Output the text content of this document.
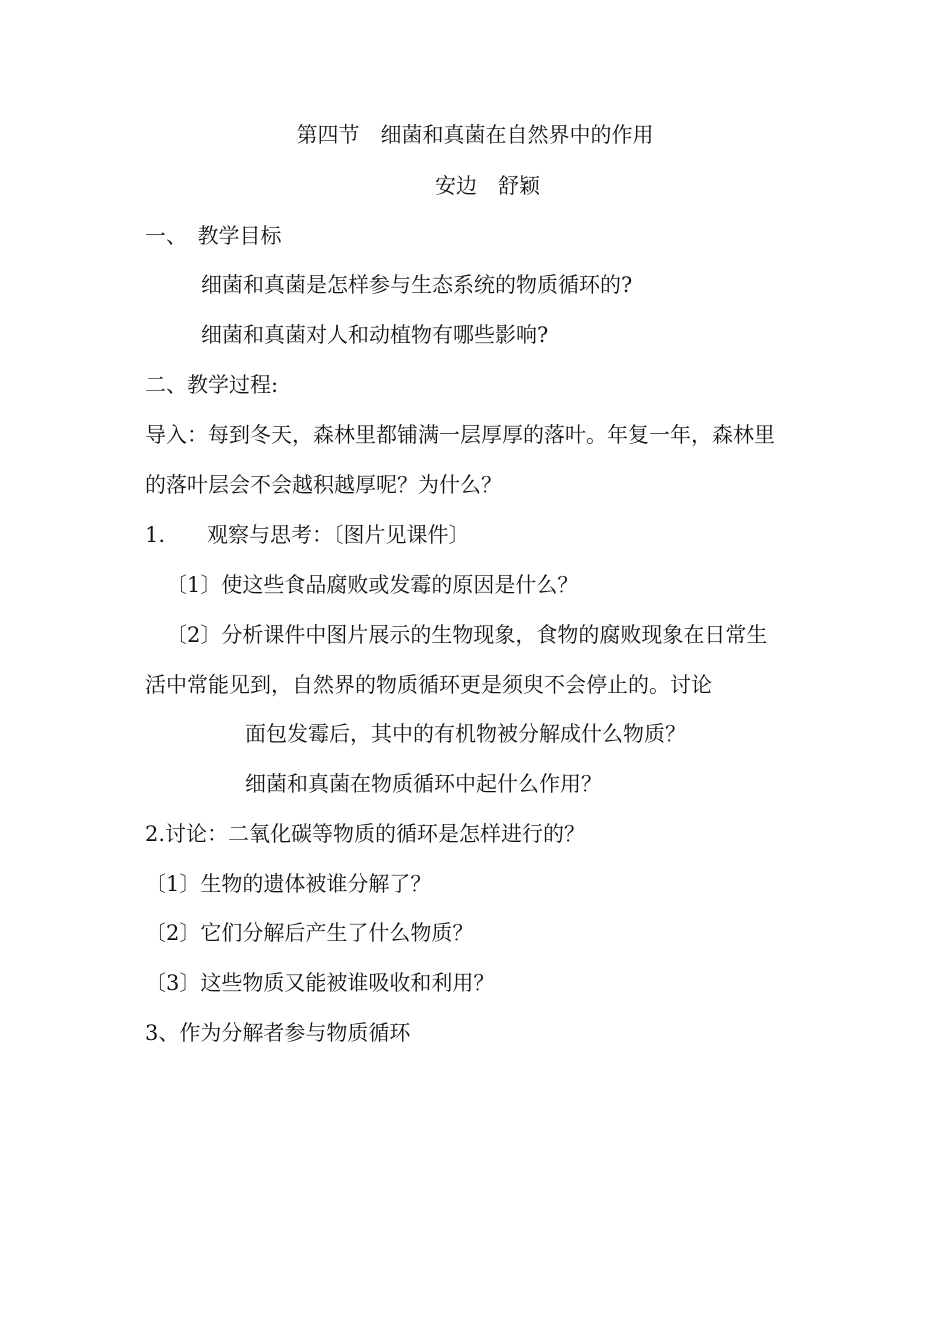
第四节　细菌和真菌在自然界中的作用
安边　舒颖
一、　教学目标
细菌和真菌是怎样参与生态系统的物质循环的?
细菌和真菌对人和动植物有哪些影响?
二、教学过程:
导入：每到冬天，森林里都铺满一层厚厚的落叶。年复一年，森林里
的落叶层会不会越积越厚呢？为什么？
1.　　观察与思考：〔图片见课件〕
〔1〕使这些食品腐败或发霉的原因是什么？
〔2〕分析课件中图片展示的生物现象，食物的腐败现象在日常生
活中常能见到，自然界的物质循环更是须臾不会停止的。讨论
面包发霉后，其中的有机物被分解成什么物质？
细菌和真菌在物质循环中起什么作用？
2.讨论：二氧化碳等物质的循环是怎样进行的？
〔1〕生物的遗体被谁分解了？
〔2〕它们分解后产生了什么物质？
〔3〕这些物质又能被谁吸收和利用？
3、作为分解者参与物质循环
